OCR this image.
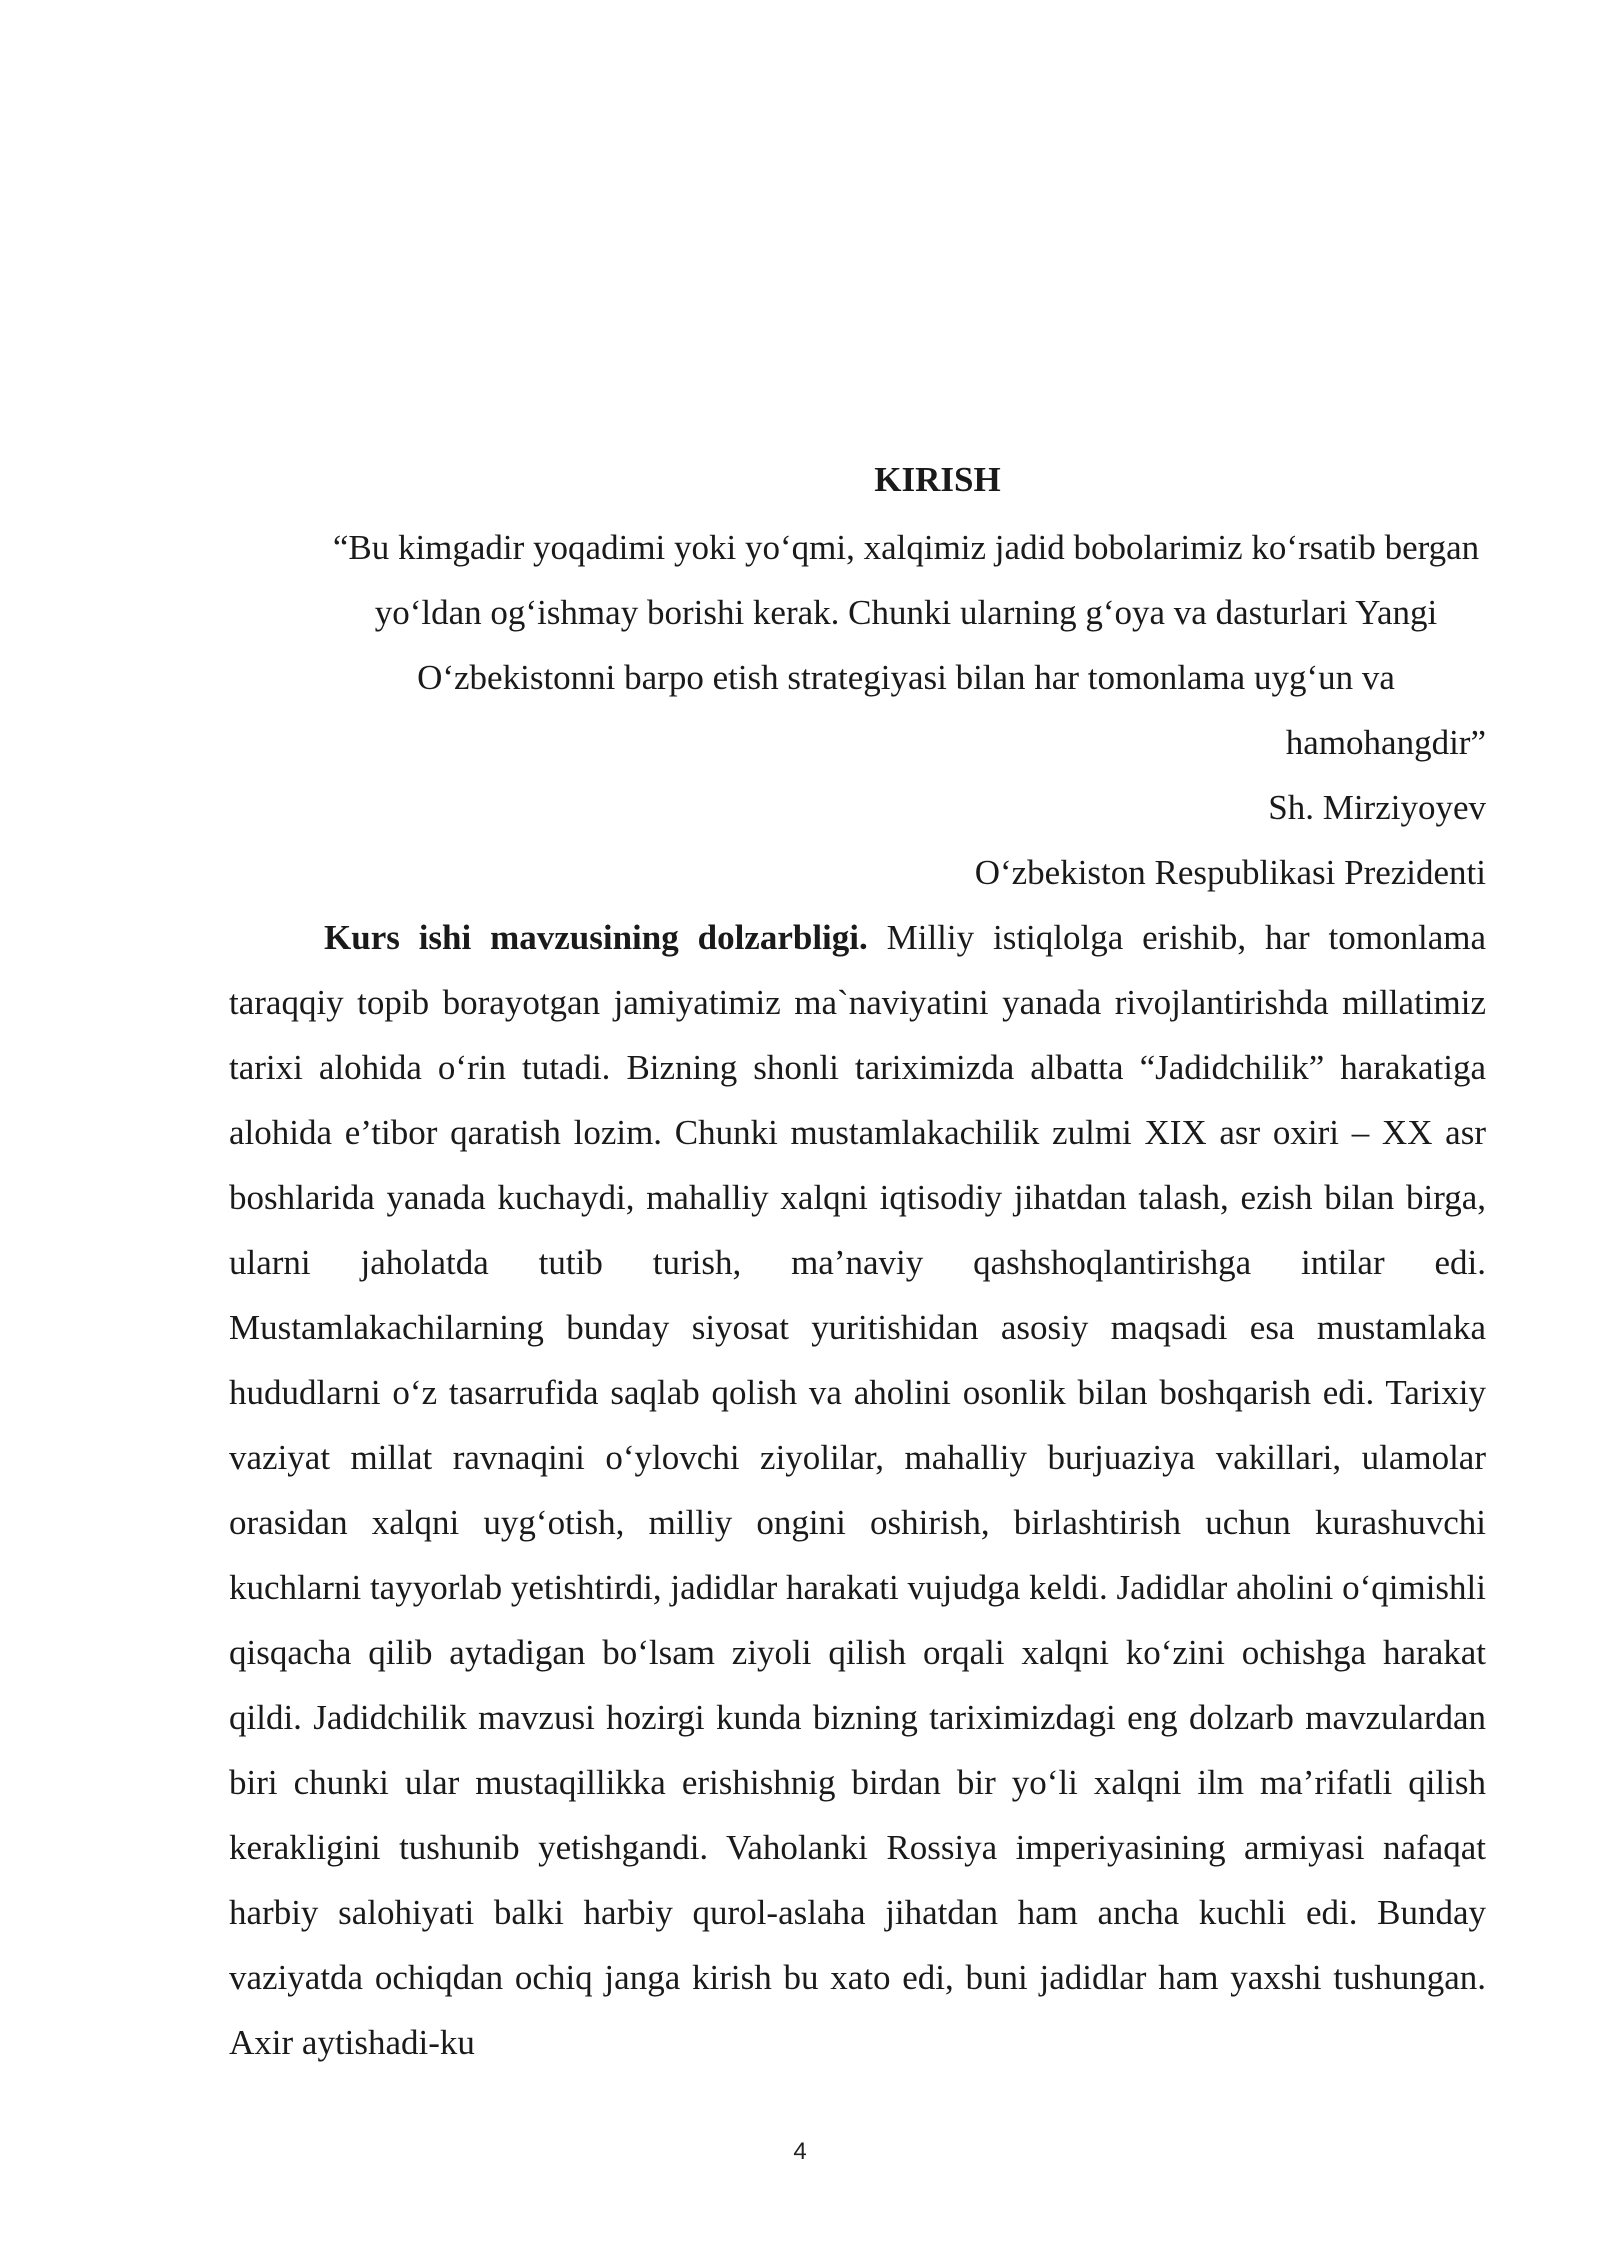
KIRISH
“Bu kimgadir yoqadimi yoki yo‘qmi, xalqimiz jadid bobolarimiz ko‘rsatib bergan yo‘ldan og‘ishmay borishi kerak. Chunki ularning g‘oya va dasturlari Yangi O‘zbekistonni barpo etish strategiyasi bilan har tomonlama uyg‘un va
hamohangdir”
Sh. Mirziyoyev
O‘zbekiston Respublikasi Prezidenti

Kurs ishi mavzusining dolzarbligi. Milliy istiqlolga erishib, har tomonlama taraqqiy topib borayotgan jamiyatimiz ma`naviyatini yanada rivojlantirishda millatimiz tarixi alohida o‘rin tutadi. Bizning shonli tariximizda albatta “Jadidchilik” harakatiga alohida e’tibor qaratish lozim. Chunki mustamlakachilik zulmi XIX asr oxiri – XX asr boshlarida yanada kuchaydi, mahalliy xalqni iqtisodiy jihatdan talash, ezish bilan birga, ularni jaholatda tutib turish, ma’naviy qashshoqlantirishga intilar edi. Mustamlakachilarning bunday siyosat yuritishidan asosiy maqsadi esa mustamlaka hududlarni o‘z tasarrufida saqlab qolish va aholini osonlik bilan boshqarish edi. Tarixiy vaziyat millat ravnaqini o‘ylovchi ziyolilar, mahalliy burjuaziya vakillari, ulamolar orasidan xalqni uyg‘otish, milliy ongini oshirish, birlashtirish uchun kurashuvchi kuchlarni tayyorlab yetishtirdi, jadidlar harakati vujudga keldi. Jadidlar aholini o‘qimishli qisqacha qilib aytadigan bo‘lsam ziyoli qilish orqali xalqni ko‘zini ochishga harakat qildi. Jadidchilik mavzusi hozirgi kunda bizning tariximizdagi eng dolzarb mavzulardan biri chunki ular mustaqillikka erishishnig birdan bir yo‘li xalqni ilm ma’rifatli qilish kerakligini tushunib yetishgandi. Vaholanki Rossiya imperiyasining armiyasi nafaqat harbiy salohiyati balki harbiy qurol-aslaha jihatdan ham ancha kuchli edi. Bunday vaziyatda ochiqdan ochiq janga kirish bu xato edi, buni jadidlar ham yaxshi tushungan. Axir aytishadi-ku

4
